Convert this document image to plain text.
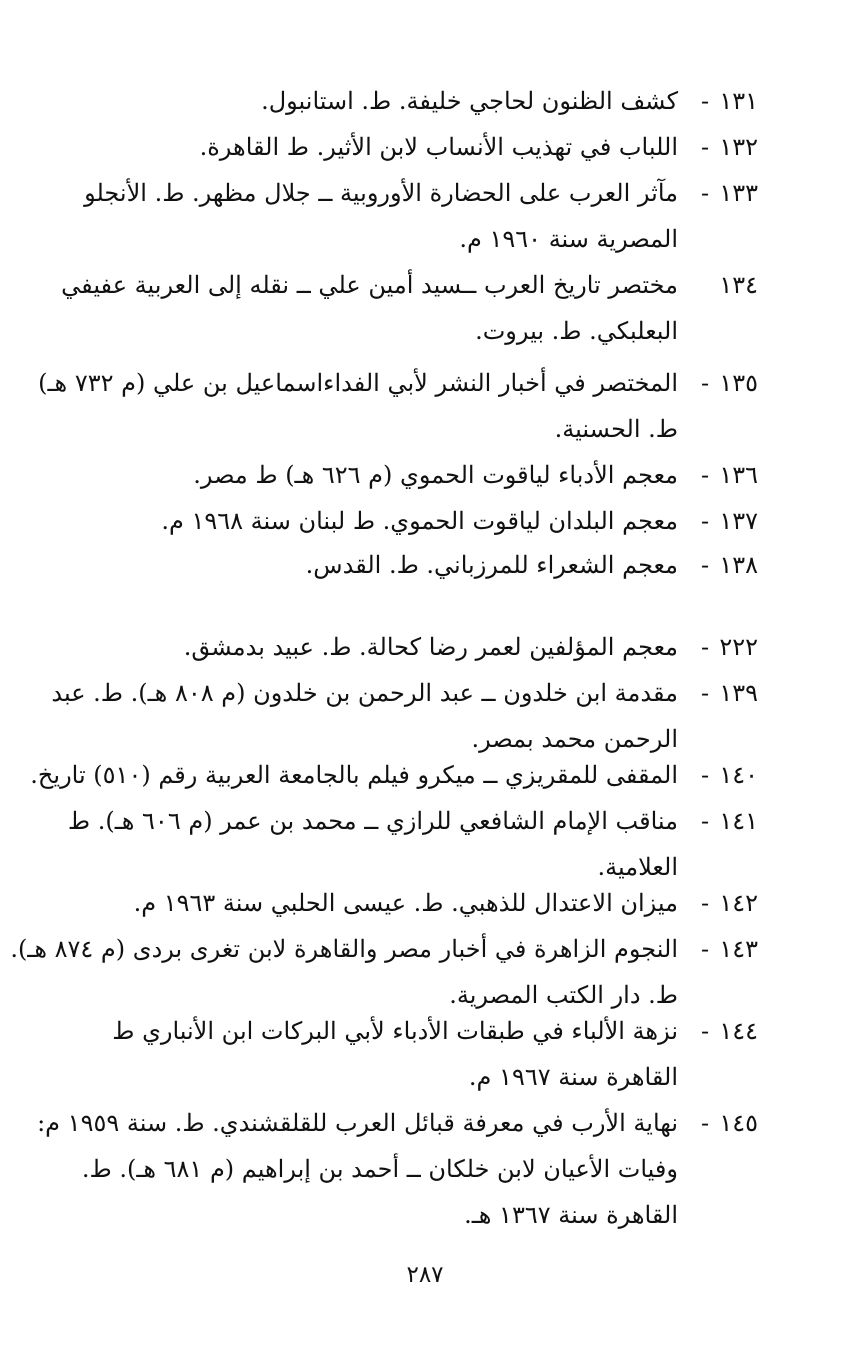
١٣١
-
كشف الظنون لحاجي خليفة. ط. استانبول.
١٣٢
-
اللباب في تهذيب الأنساب لابن الأثير. ط القاهرة.
١٣٣
-
مآثر العرب على الحضارة الأوروبية ــ جلال مظهر. ط. الأنجلو
المصرية سنة ١٩٦٠ م.
١٣٤
مختصر تاريخ العرب ــسيد أمين علي ــ نقله إلى العربية عفيفي
البعلبكي. ط. بيروت.
١٣٥
-
المختصر في أخبار النشر لأبي الفداءاسماعيل بن علي (م ٧٣٢ هـ)
ط. الحسنية.
١٣٦
-
معجم الأدباء لياقوت الحموي (م ٦٢٦ هـ) ط مصر.
١٣٧
-
معجم البلدان لياقوت الحموي. ط لبنان سنة ١٩٦٨ م.
١٣٨
-
معجم الشعراء للمرزباني. ط. القدس.
٢٢٢
-
معجم المؤلفين لعمر رضا كحالة. ط. عبيد بدمشق.
١٣٩
-
مقدمة ابن خلدون ــ عبد الرحمن بن خلدون (م ٨٠٨ هـ). ط. عبد
الرحمن محمد بمصر.
١٤٠
-
المقفى للمقريزي ــ ميكرو فيلم بالجامعة العربية رقم (٥١٠) تاريخ.
١٤١
-
مناقب الإمام الشافعي للرازي ــ محمد بن عمر (م ٦٠٦ هـ). ط
العلامية.
١٤٢
-
ميزان الاعتدال للذهبي. ط. عيسى الحلبي سنة ١٩٦٣ م.
١٤٣
-
النجوم الزاهرة في أخبار مصر والقاهرة لابن تغرى بردى (م ٨٧٤ هـ).
ط. دار الكتب المصرية.
١٤٤
-
نزهة الألباء في طبقات الأدباء لأبي البركات ابن الأنباري ط
القاهرة سنة ١٩٦٧ م.
١٤٥
-
نهاية الأرب في معرفة قبائل العرب للقلقشندي. ط. سنة ١٩٥٩ م:
وفيات الأعيان لابن خلكان ــ أحمد بن إبراهيم (م ٦٨١ هـ). ط.
القاهرة سنة ١٣٦٧ هـ.
٢٨٧
